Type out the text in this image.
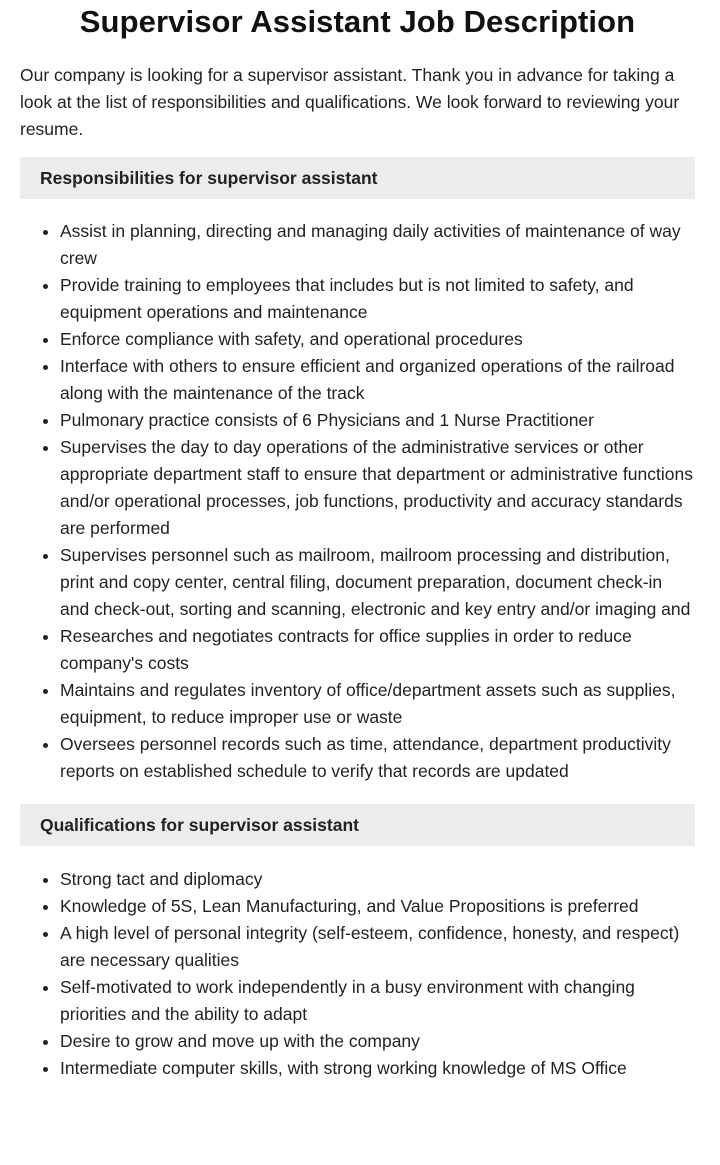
Supervisor Assistant Job Description

Our company is looking for a supervisor assistant. Thank you in advance for taking a look at the list of responsibilities and qualifications. We look forward to reviewing your resume.

Responsibilities for supervisor assistant
• Assist in planning, directing and managing daily activities of maintenance of way crew
• Provide training to employees that includes but is not limited to safety, and equipment operations and maintenance
• Enforce compliance with safety, and operational procedures
• Interface with others to ensure efficient and organized operations of the railroad along with the maintenance of the track
• Pulmonary practice consists of 6 Physicians and 1 Nurse Practitioner
• Supervises the day to day operations of the administrative services or other appropriate department staff to ensure that department or administrative functions and/or operational processes, job functions, productivity and accuracy standards are performed
• Supervises personnel such as mailroom, mailroom processing and distribution, print and copy center, central filing, document preparation, document check-in and check-out, sorting and scanning, electronic and key entry and/or imaging and
• Researches and negotiates contracts for office supplies in order to reduce company's costs
• Maintains and regulates inventory of office/department assets such as supplies, equipment, to reduce improper use or waste
• Oversees personnel records such as time, attendance, department productivity reports on established schedule to verify that records are updated
Qualifications for supervisor assistant
• Strong tact and diplomacy
• Knowledge of 5S, Lean Manufacturing, and Value Propositions is preferred
• A high level of personal integrity (self-esteem, confidence, honesty, and respect) are necessary qualities
• Self-motivated to work independently in a busy environment with changing priorities and the ability to adapt
• Desire to grow and move up with the company
• Intermediate computer skills, with strong working knowledge of MS Office
